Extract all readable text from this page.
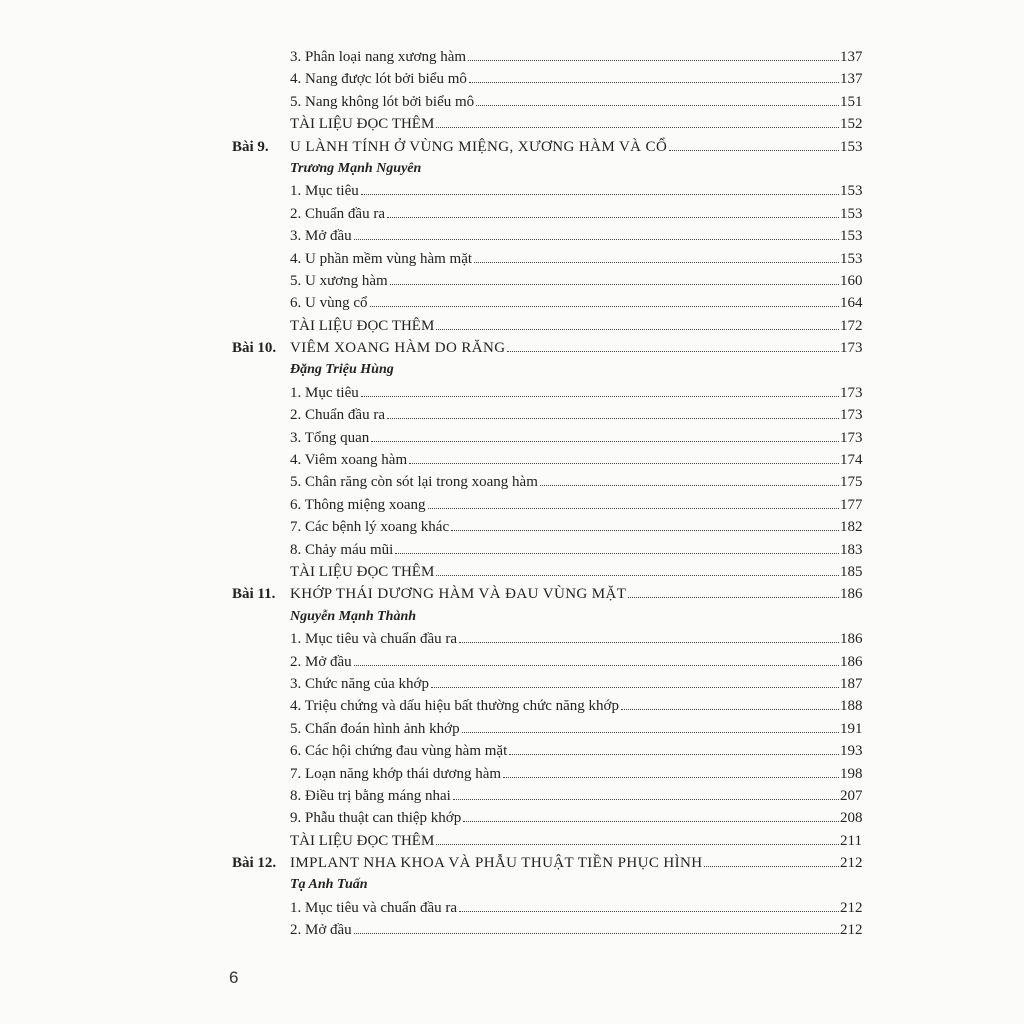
3. Phân loại nang xương hàm	137
4. Nang được lót bởi biểu mô	137
5. Nang không lót bởi biểu mô	151
TÀI LIỆU ĐỌC THÊM	152
Bài 9. U LÀNH TÍNH Ở VÙNG MIỆNG, XƯƠNG HÀM VÀ CỔ	153
Trương Mạnh Nguyên
1. Mục tiêu	153
2. Chuẩn đầu ra	153
3. Mở đầu	153
4. U phần mềm vùng hàm mặt	153
5. U xương hàm	160
6. U vùng cổ	164
TÀI LIỆU ĐỌC THÊM	172
Bài 10. VIÊM XOANG HÀM DO RĂNG	173
Đặng Triệu Hùng
1. Mục tiêu	173
2. Chuẩn đầu ra	173
3. Tổng quan	173
4. Viêm xoang hàm	174
5. Chân răng còn sót lại trong xoang hàm	175
6. Thông miệng xoang	177
7. Các bệnh lý xoang khác	182
8. Chảy máu mũi	183
TÀI LIỆU ĐỌC THÊM	185
Bài 11. KHỚP THÁI DƯƠNG HÀM VÀ ĐAU VÙNG MẶT	186
Nguyễn Mạnh Thành
1. Mục tiêu và chuẩn đầu ra	186
2. Mở đầu	186
3. Chức năng của khớp	187
4. Triệu chứng và dấu hiệu bất thường chức năng khớp	188
5. Chẩn đoán hình ảnh khớp	191
6. Các hội chứng đau vùng hàm mặt	193
7. Loạn năng khớp thái dương hàm	198
8. Điều trị bằng máng nhai	207
9. Phẫu thuật can thiệp khớp	208
TÀI LIỆU ĐỌC THÊM	211
Bài 12. IMPLANT NHA KHOA VÀ PHẪU THUẬT TIỀN PHỤC HÌNH	212
Tạ Anh Tuấn
1. Mục tiêu và chuẩn đầu ra	212
2. Mở đầu	212
6
